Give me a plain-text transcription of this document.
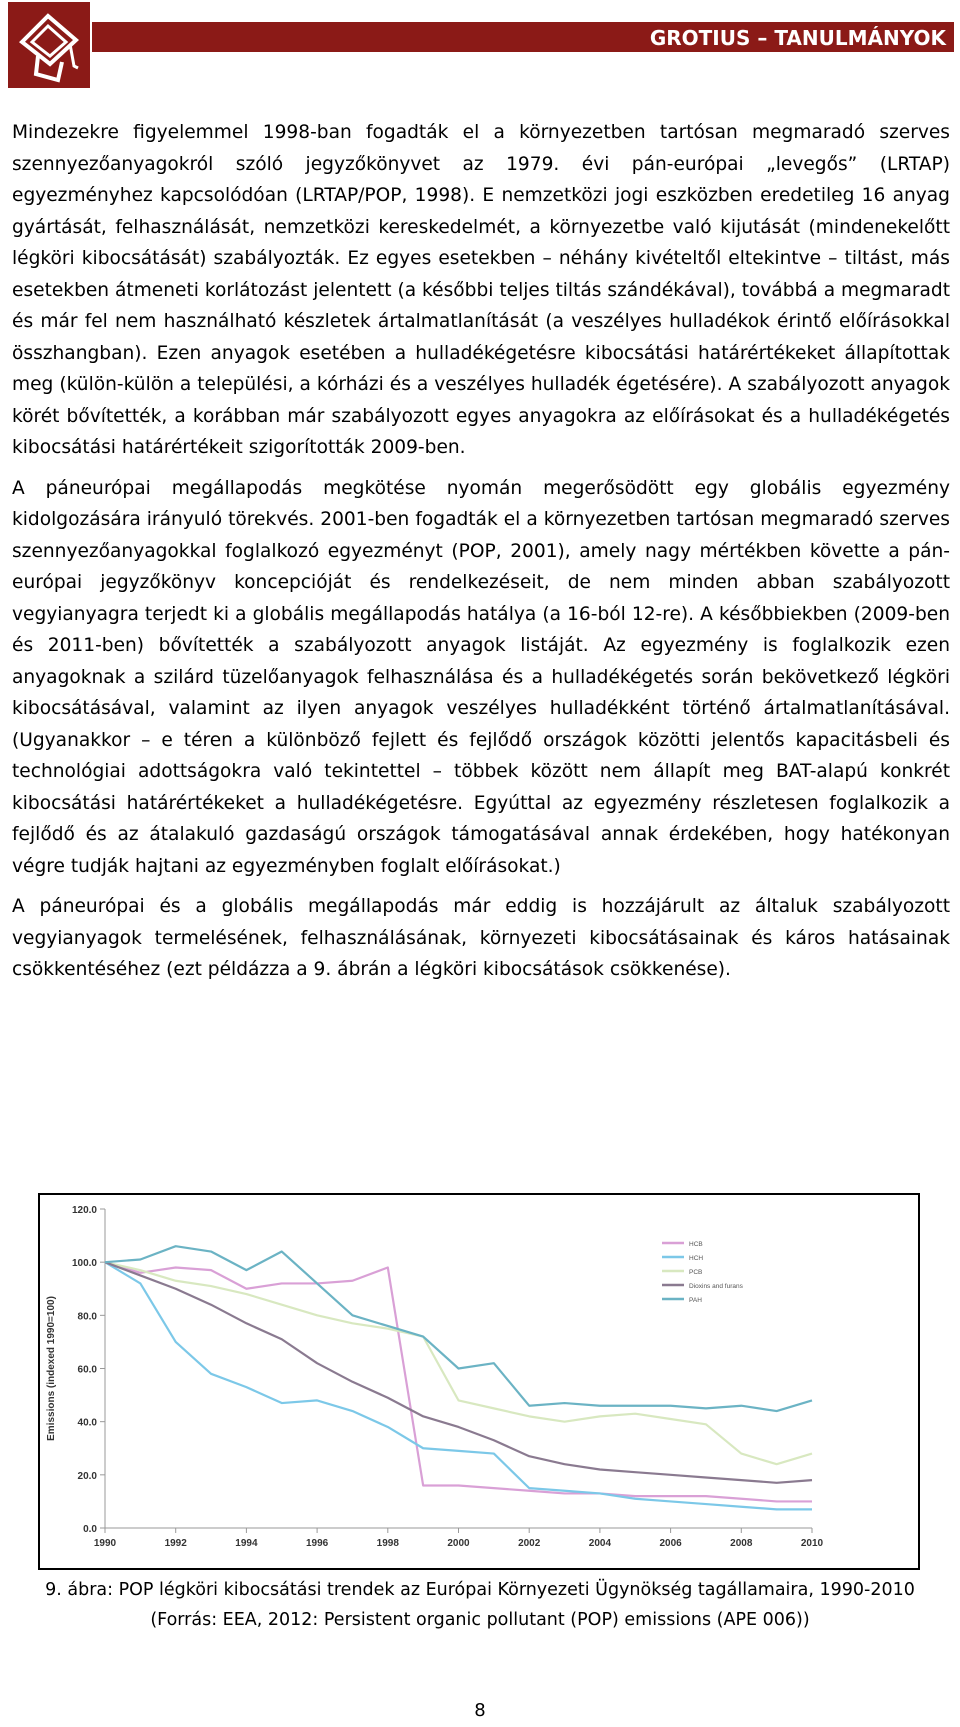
GROTIUS – TANULMÁNYOK

Mindezekre figyelemmel 1998-ban fogadták el a környezetben tartósan megmaradó szerves szennyezőanyagokról szóló jegyzőkönyvet az 1979. évi pán-európai „levegős” (LRTAP) egyezményhez kapcsolódóan (LRTAP/POP, 1998). E nemzetközi jogi eszközben eredetileg 16 anyag gyártását, felhasználását, nemzetközi kereskedelmét, a környezetbe való kijutását (mindenekelőtt légköri kibocsátását) szabályozták. Ez egyes esetekben – néhány kivételtől eltekintve – tiltást, más esetekben átmeneti korlátozást jelentett (a későbbi teljes tiltás szándékával), továbbá a megmaradt és már fel nem használható készletek ártalmatlanítását (a veszélyes hulladékok érintő előírásokkal összhangban). Ezen anyagok esetében a hulladékégetésre kibocsátási határértékeket állapítottak meg (külön-külön a települési, a kórházi és a veszélyes hulladék égetésére). A szabályozott anyagok körét bővítették, a korábban már szabályozott egyes anyagokra az előírásokat és a hulladékégetés kibocsátási határértékeit szigorították 2009-ben.

A páneurópai megállapodás megkötése nyomán megerősödött egy globális egyezmény kidolgozására irányuló törekvés. 2001-ben fogadták el a környezetben tartósan megmaradó szerves szennyezőanyagokkal foglalkozó egyezményt (POP, 2001), amely nagy mértékben követte a pán-európai jegyzőkönyv koncepcióját és rendelkezéseit, de nem minden abban szabályozott vegyianyagra terjedt ki a globális megállapodás hatálya (a 16-ból 12-re). A későbbiekben (2009-ben és 2011-ben) bővítették a szabályozott anyagok listáját. Az egyezmény is foglalkozik ezen anyagoknak a szilárd tüzelőanyagok felhasználása és a hulladékégetés során bekövetkező légköri kibocsátásával, valamint az ilyen anyagok veszélyes hulladékként történő ártalmatlanításával. (Ugyanakkor – e téren a különböző fejlett és fejlődő országok közötti jelentős kapacitásbeli és technológiai adottságokra való tekintettel – többek között nem állapít meg BAT-alapú konkrét kibocsátási határértékeket a hulladékégetésre. Egyúttal az egyezmény részletesen foglalkozik a fejlődő és az átalakuló gazdaságú országok támogatásával annak érdekében, hogy hatékonyan végre tudják hajtani az egyezményben foglalt előírásokat.)

A páneurópai és a globális megállapodás már eddig is hozzájárult az általuk szabályozott vegyianyagok termelésének, felhasználásának, környezeti kibocsátásainak és káros hatásainak csökkentéséhez (ezt példázza a 9. ábrán a légköri kibocsátások csökkenése).

0.0
20.0
40.0
60.0
80.0
100.0
120.0
1990	1992	1994	1996	1998	2000	2002	2004	2006	2008	2010
Emissions (indexed 1990=100)
HCB
HCH
PCB
Dioxins and furans
PAH
9. ábra: POP légköri kibocsátási trendek az Európai Környezeti Ügynökség tagállamaira, 1990-2010
(Forrás: EEA, 2012: Persistent organic pollutant (POP) emissions (APE 006))
8
